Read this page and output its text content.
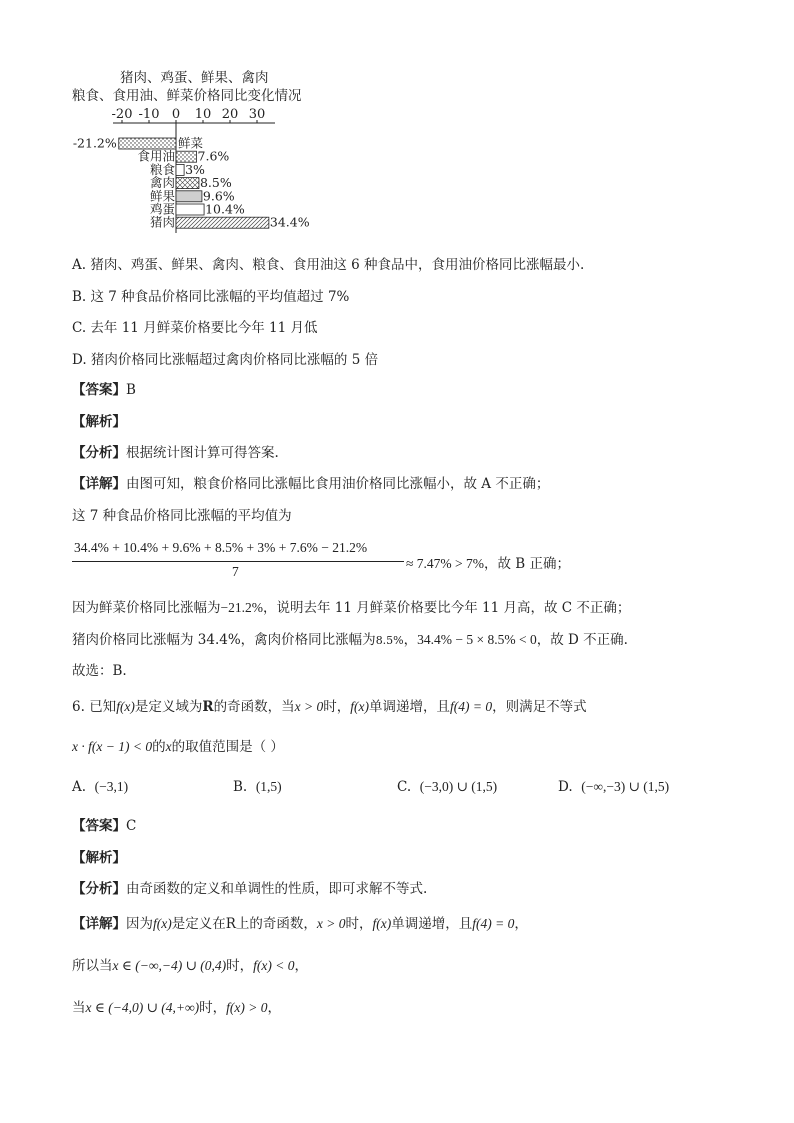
猪肉、鸡蛋、鲜果、禽肉
粮食、食用油、鲜菜价格同比变化情况
-20 -10 0 10 20 30
鲜菜
-21.2%
食用油 7.6%
粮食 3%
禽肉 8.5%
鲜果 9.6%
鸡蛋 10.4%
猪肉	34.4%
A. 猪肉、鸡蛋、鲜果、禽肉、粮食、食用油这 6 种食品中，食用油价格同比涨幅最小.
B. 这 7 种食品价格同比涨幅的平均值超过 7%
C. 去年 11 月鲜菜价格要比今年 11 月低
D. 猪肉价格同比涨幅超过禽肉价格同比涨幅的 5 倍
【答案】B
【解析】
【分析】根据统计图计算可得答案.
【详解】由图可知，粮食价格同比涨幅比食用油价格同比涨幅小，故 A 不正确；
这 7 种食品价格同比涨幅的平均值为
34.4% + 10.4% + 9.6% + 8.5% + 3% + 7.6% − 21.2%
7
≈ 7.47% > 7%，故 B 正确；
因为鲜菜价格同比涨幅为−21.2%，说明去年 11 月鲜菜价格要比今年 11 月高，故 C 不正确；
猪肉价格同比涨幅为 34.4%，禽肉价格同比涨幅为8.5%，34.4% − 5 × 8.5% < 0，故 D 不正确.
故选：B.
6. 已知f(x)是定义域为R的奇函数，当x > 0时，f(x)单调递增，且f(4) = 0，则满足不等式
x · f(x − 1) < 0的x的取值范围是（ ）
A. (−3,1)	B. (1,5)	C. (−3,0) ∪ (1,5)	D. (−∞,−3) ∪ (1,5)
【答案】C
【解析】
【分析】由奇函数的定义和单调性的性质，即可求解不等式.
【详解】因为f(x)是定义在R上的奇函数，x > 0时，f(x)单调递增，且f(4) = 0，
所以当x ∈ (−∞,−4) ∪ (0,4)时，f(x) < 0，
当x ∈ (−4,0) ∪ (4,+∞)时，f(x) > 0，
